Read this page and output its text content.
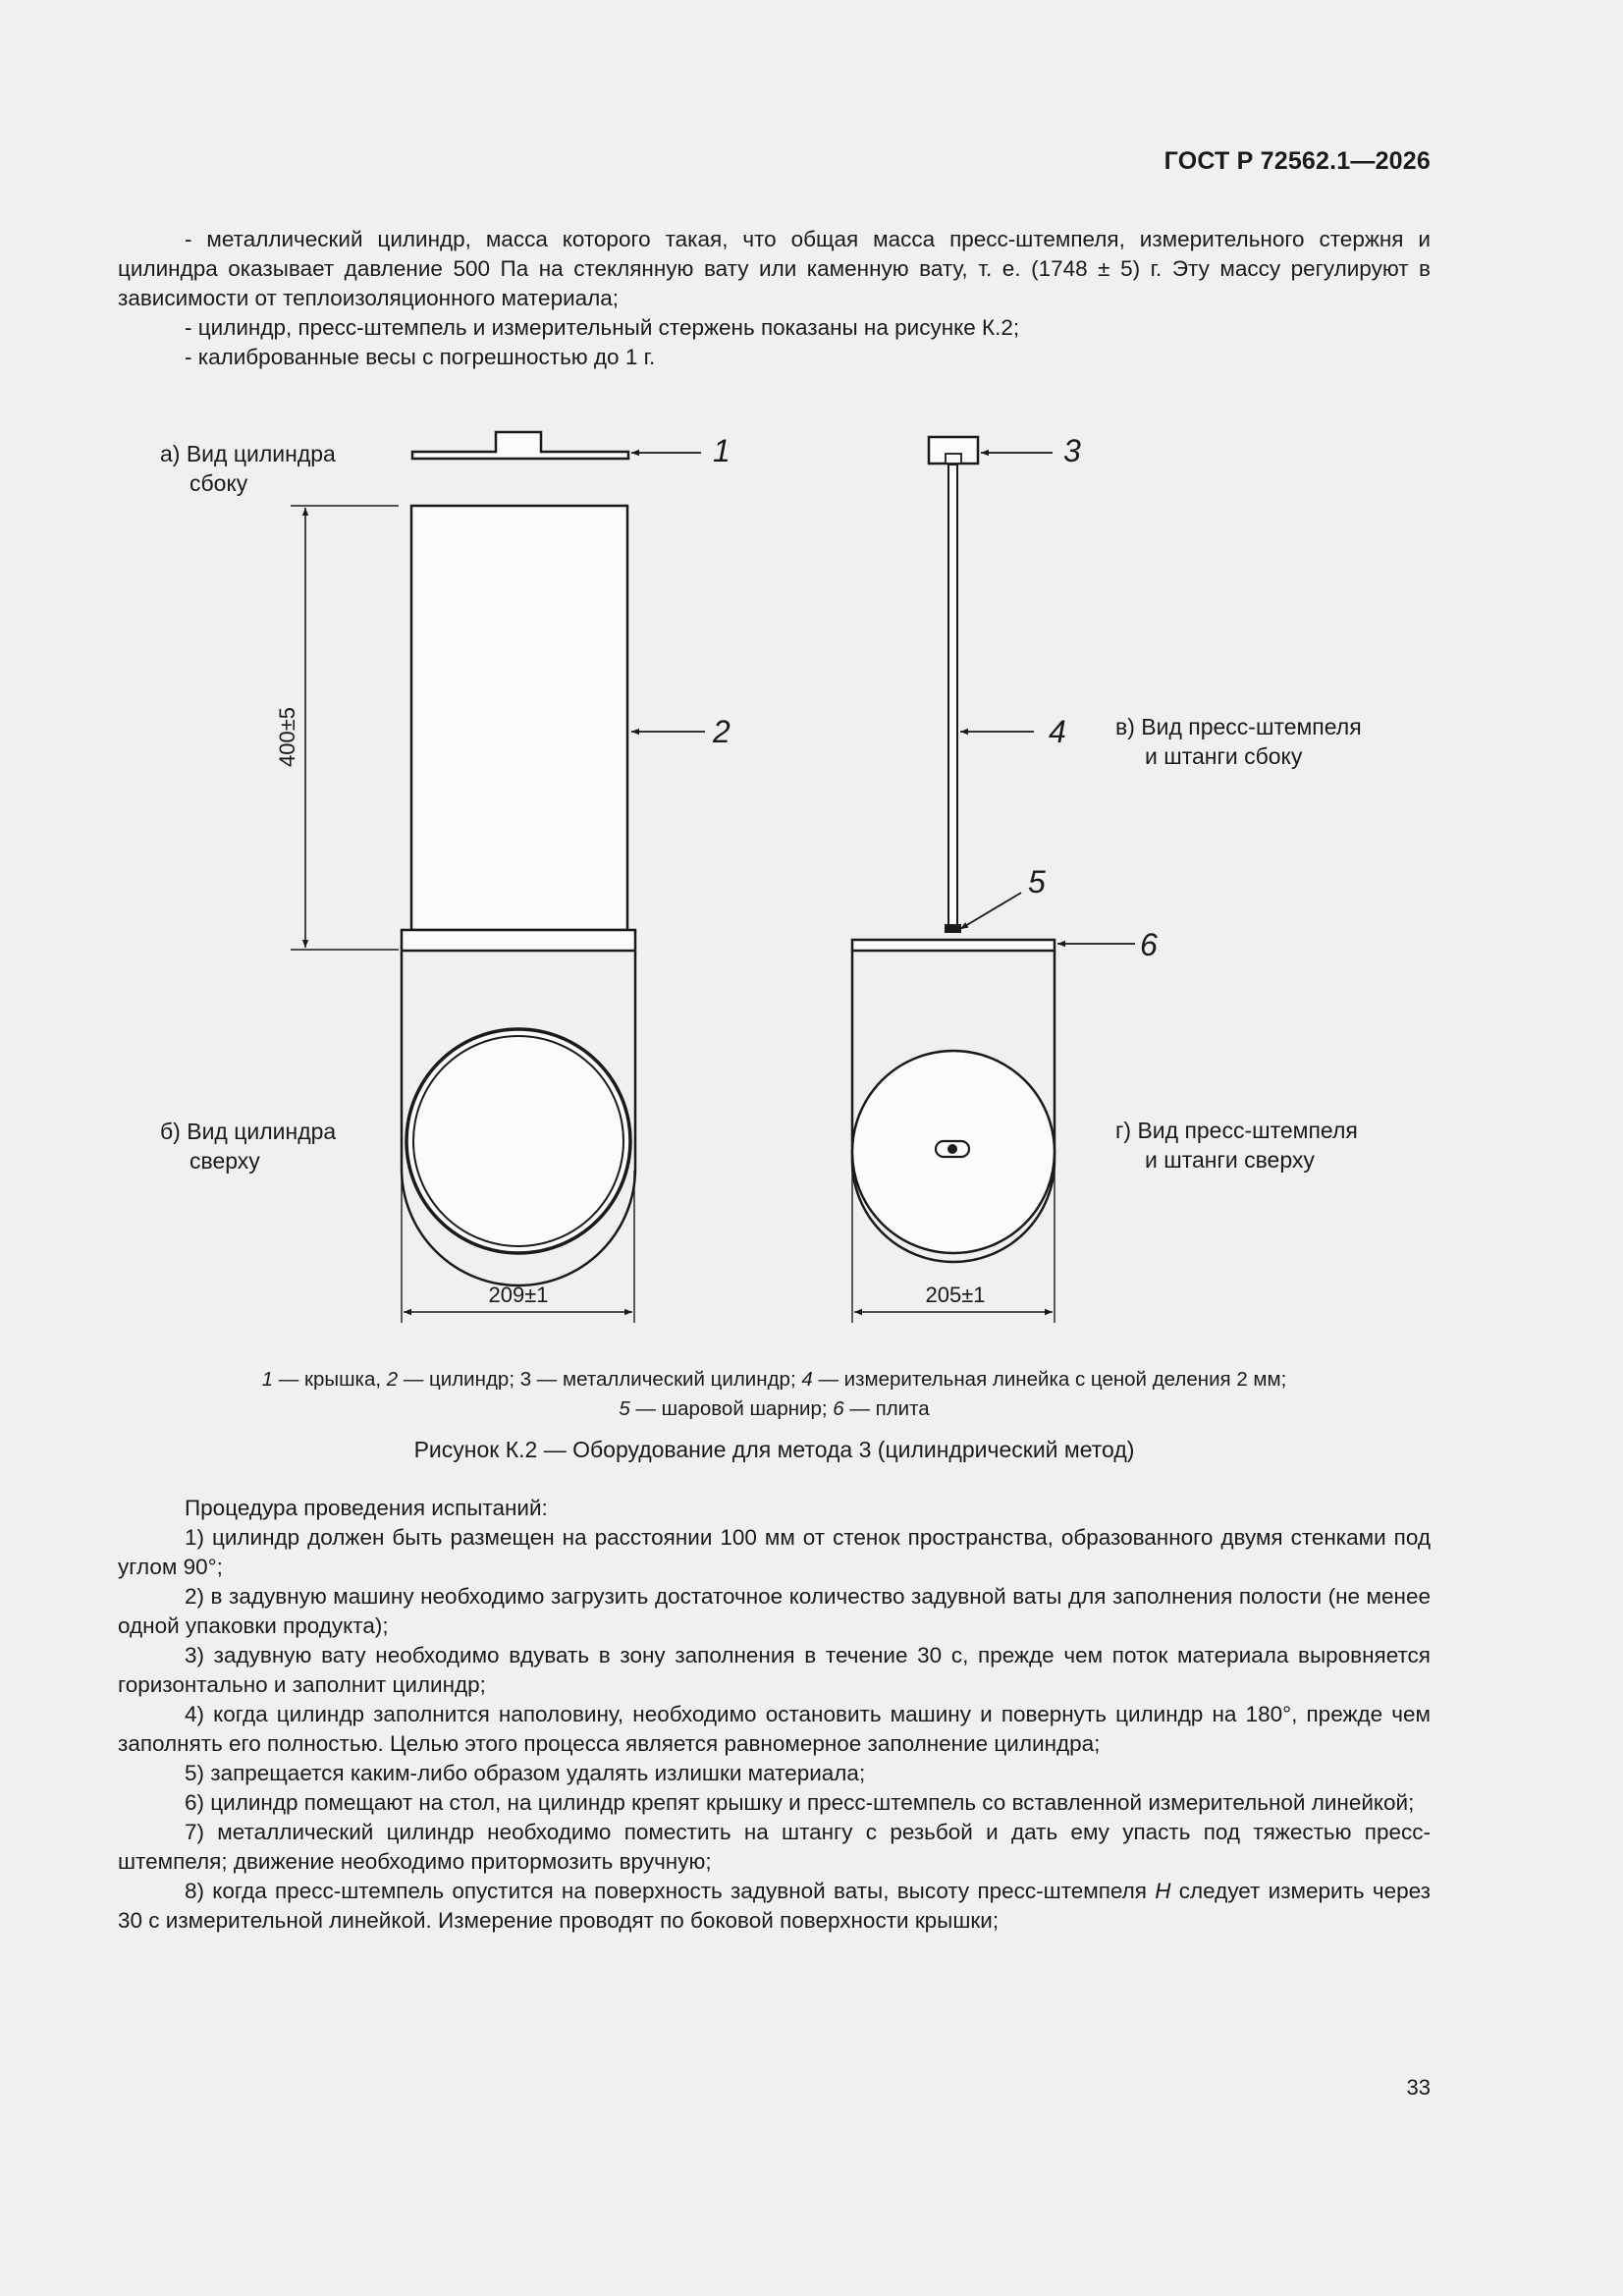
ГОСТ Р 72562.1—2026

- металлический цилиндр, масса которого такая, что общая масса пресс-штемпеля, измерительного стержня и цилиндра оказывает давление 500 Па на стеклянную вату или каменную вату, т. е. (1748 ± 5) г. Эту массу регулируют в зависимости от теплоизоляционного материала;

- цилиндр, пресс-штемпель и измерительный стержень показаны на рисунке К.2;

- калиброванные весы с погрешностью до 1 г.

а) Вид цилиндра
сбоку
б) Вид цилиндра
сверху
в) Вид пресс-штемпеля
и штанги сбоку
г) Вид пресс-штемпеля
и штанги сверху
1
2
400±5
209±1
3
4
5
6
205±1
1 — крышка, 2 — цилиндр; 3 — металлический цилиндр; 4 — измерительная линейка с ценой деления 2 мм;
5 — шаровой шарнир; 6 — плита
Рисунок К.2 — Оборудование для метода 3 (цилиндрический метод)

Процедура проведения испытаний:

1) цилиндр должен быть размещен на расстоянии 100 мм от стенок пространства, образованного двумя стенками под углом 90°;

2) в задувную машину необходимо загрузить достаточное количество задувной ваты для заполнения полости (не менее одной упаковки продукта);

3) задувную вату необходимо вдувать в зону заполнения в течение 30 с, прежде чем поток материала выровняется горизонтально и заполнит цилиндр;

4) когда цилиндр заполнится наполовину, необходимо остановить машину и повернуть цилиндр на 180°, прежде чем заполнять его полностью. Целью этого процесса является равномерное заполнение цилиндра;

5) запрещается каким-либо образом удалять излишки материала;

6) цилиндр помещают на стол, на цилиндр крепят крышку и пресс-штемпель со вставленной измерительной линейкой;

7) металлический цилиндр необходимо поместить на штангу с резьбой и дать ему упасть под тяжестью пресс-штемпеля; движение необходимо притормозить вручную;

8) когда пресс-штемпель опустится на поверхность задувной ваты, высоту пресс-штемпеля H следует измерить через 30 с измерительной линейкой. Измерение проводят по боковой поверхности крышки;

33
